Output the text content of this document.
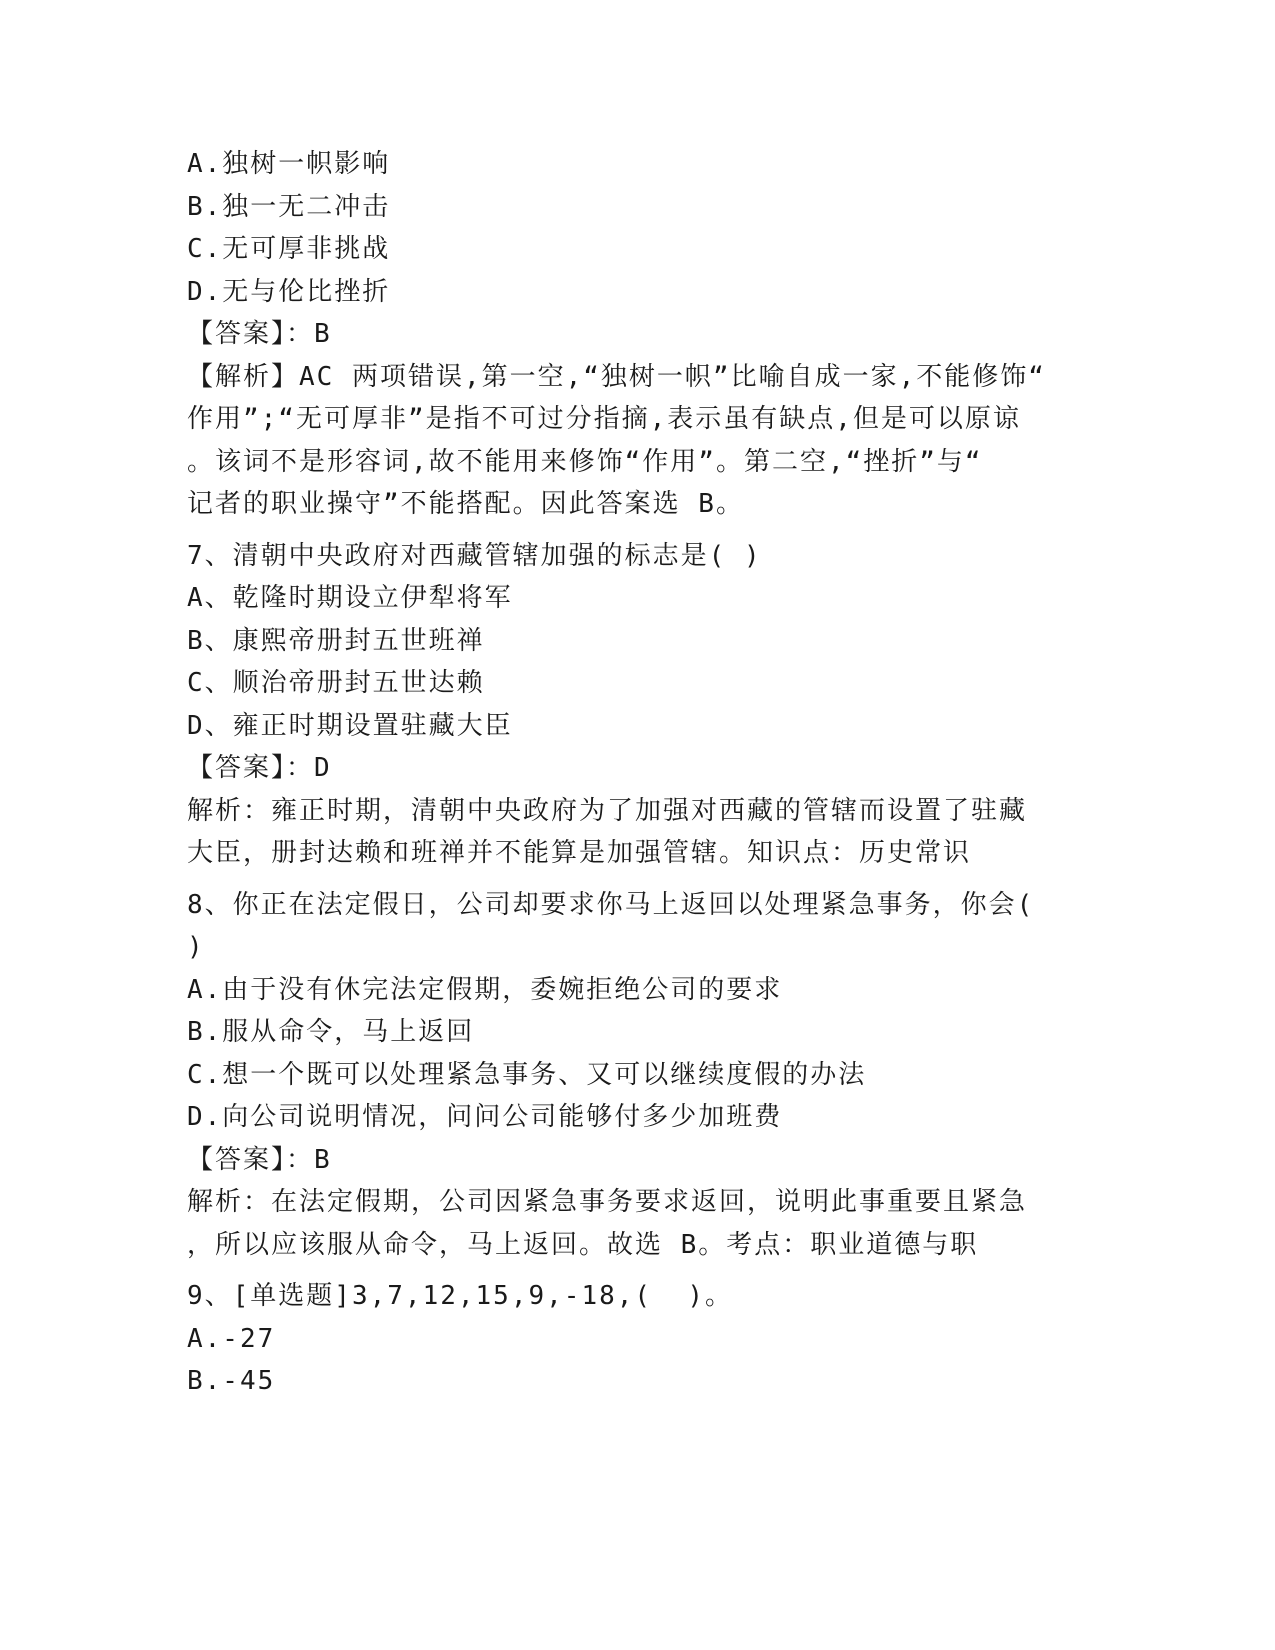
A.独树一帜影响
B.独一无二冲击
C.无可厚非挑战
D.无与伦比挫折
【答案】：B
【解析】AC 两项错误,第一空,“独树一帜”比喻自成一家,不能修饰“
作用”;“无可厚非”是指不可过分指摘,表示虽有缺点,但是可以原谅
。该词不是形容词,故不能用来修饰“作用”。第二空,“挫折”与“
记者的职业操守”不能搭配。因此答案选 B。
7、清朝中央政府对西藏管辖加强的标志是( )
A、乾隆时期设立伊犁将军
B、康熙帝册封五世班禅
C、顺治帝册封五世达赖
D、雍正时期设置驻藏大臣
【答案】：D
解析：雍正时期，清朝中央政府为了加强对西藏的管辖而设置了驻藏
大臣，册封达赖和班禅并不能算是加强管辖。知识点：历史常识
8、你正在法定假日，公司却要求你马上返回以处理紧急事务，你会(
)
A.由于没有休完法定假期，委婉拒绝公司的要求
B.服从命令，马上返回
C.想一个既可以处理紧急事务、又可以继续度假的办法
D.向公司说明情况，问问公司能够付多少加班费
【答案】：B
解析：在法定假期，公司因紧急事务要求返回，说明此事重要且紧急
，所以应该服从命令，马上返回。故选 B。考点：职业道德与职
9、[单选题]3,7,12,15,9,-18,(  )。
A.-27
B.-45
